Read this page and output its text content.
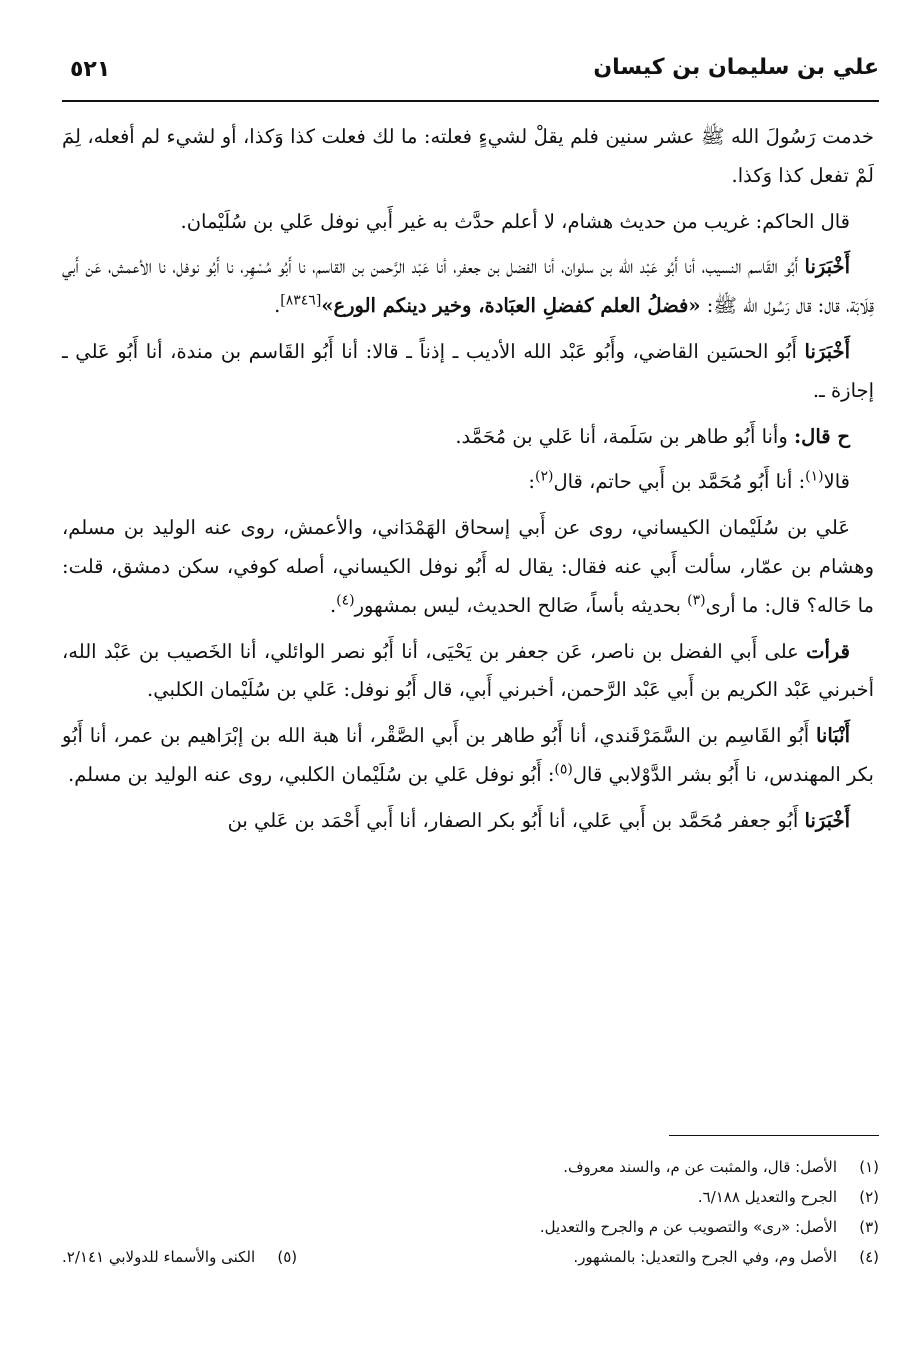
علي بن سليمان بن كيسان
٥٢١

خدمت رَسُولَ الله ﷺ عشر سنين فلم يقلْ لشيءٍ فعلته: ما لك فعلت كذا وَكذا، أو لشيء لم أفعله، لِمَ لَمْ تفعل كذا وَكذا.

قال الحاكم: غريب من حديث هشام، لا أعلم حدَّث به غير أَبي نوفل عَلي بن سُلَيْمان.

أَخْبَرَنا أَبُو القَاسم النسيب، أنا أَبُو عَبْد الله بن سلوان، أنا الفضل بن جعفر، أنا عَبْد الرَّحمن بن القاسم، نا أَبُو مُسْهِر، نا أَبُو نوفل، نا الأعمش، عَن أَبي قِلَابَة، قال: قال رَسُول الله ﷺ: «فضلُ العلم كفضلِ العبَادة، وخير دينكم الورع»[٨٣٤٦].

أَخْبَرَنا أَبُو الحسَين القاضي، وأَبُو عَبْد الله الأديب ـ إذناً ـ قالا: أنا أَبُو القَاسم بن مندة، أنا أَبُو عَلي ـ إجازة ـ.

ح قال: وأنا أَبُو طاهر بن سَلَمة، أنا عَلي بن مُحَمَّد.

قالا$^{(١)}$: أنا أَبُو مُحَمَّد بن أَبي حاتم، قال$^{(٢)}$:

عَلي بن سُلَيْمان الكيساني، روى عن أَبي إسحاق الهَمْدَاني، والأعمش، روى عنه الوليد بن مسلم، وهشام بن عمّار، سألت أَبي عنه فقال: يقال له أَبُو نوفل الكيساني، أصله كوفي، سكن دمشق، قلت: ما حَاله؟ قال: ما أرى$^{(٣)}$ بحديثه بأساً، صَالح الحديث، ليس بمشهور$^{(٤)}$.

قرأت على أَبي الفضل بن ناصر، عَن جعفر بن يَحْيَى، أنا أَبُو نصر الوائلي، أنا الخَصيب بن عَبْد الله، أخبرني عَبْد الكريم بن أَبي عَبْد الرَّحمن، أخبرني أَبي، قال أَبُو نوفل: عَلي بن سُلَيْمان الكلبي.

أَنْبَانا أَبُو القَاسِم بن السَّمَرْقَندي، أنا أَبُو طاهر بن أَبي الصَّقْر، أنا هبة الله بن إبْرَاهيم بن عمر، أنا أَبُو بكر المهندس، نا أَبُو بشر الدَّوْلابي قال$^{(٥)}$: أَبُو نوفل عَلي بن سُلَيْمان الكلبي، روى عنه الوليد بن مسلم.

أَخْبَرَنا أَبُو جعفر مُحَمَّد بن أَبي عَلي، أنا أَبُو بكر الصفار، أنا أَبي أَحْمَد بن عَلي بن

(١)الأصل: قال، والمثبت عن م، والسند معروف.
(٢)الجرح والتعديل ٦/١٨٨.
(٣)الأصل: «رى» والتصويب عن م والجرح والتعديل.
(٤)الأصل وم، وفي الجرح والتعديل: بالمشهور.
(٥)الكنى والأسماء للدولابي ٢/١٤١.
